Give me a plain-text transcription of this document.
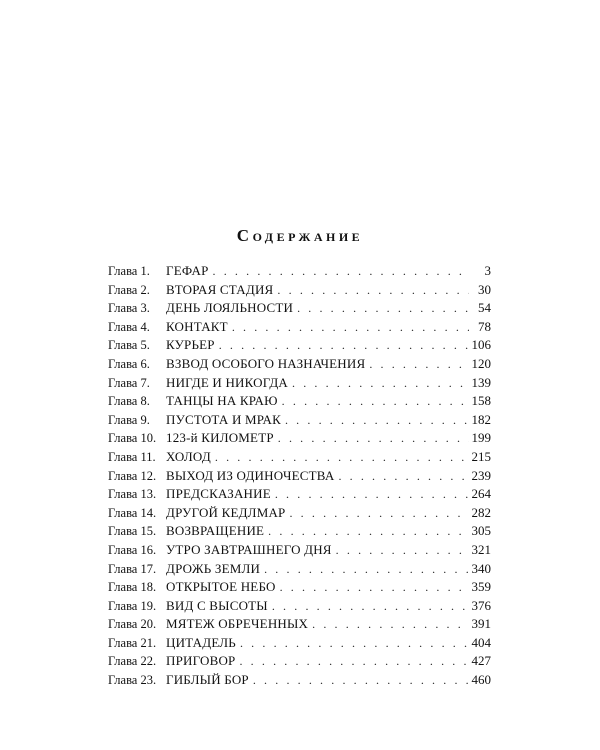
Содержание
Глава 1.	ГЕФАР . . .	3
Глава 2.	ВТОРАЯ СТАДИЯ . . .	30
Глава 3.	ДЕНЬ ЛОЯЛЬНОСТИ . . .	54
Глава 4.	КОНТАКТ . . .	78
Глава 5.	КУРЬЕР . . .	106
Глава 6.	ВЗВОД ОСОБОГО НАЗНАЧЕНИЯ . . .	120
Глава 7.	НИГДЕ И НИКОГДА . . .	139
Глава 8.	ТАНЦЫ НА КРАЮ . . .	158
Глава 9.	ПУСТОТА И МРАК . . .	182
Глава 10. 123-й КИЛОМЕТР . . .	199
Глава 11. ХОЛОД . . .	215
Глава 12. ВЫХОД ИЗ ОДИНОЧЕСТВА . . .	239
Глава 13. ПРЕДСКАЗАНИЕ . . .	264
Глава 14. ДРУГОЙ КЕДЛМАР . . .	282
Глава 15. ВОЗВРАЩЕНИЕ . . .	305
Глава 16. УТРО ЗАВТРАШНЕГО ДНЯ . . .	321
Глава 17. ДРОЖЬ ЗЕМЛИ . . .	340
Глава 18. ОТКРЫТОЕ НЕБО . . .	359
Глава 19. ВИД С ВЫСОТЫ . . .	376
Глава 20. МЯТЕЖ ОБРЕЧЕННЫХ . . .	391
Глава 21. ЦИТАДЕЛЬ . . .	404
Глава 22. ПРИГОВОР . . .	427
Глава 23. ГИБЛЫЙ БОР . . .	460
